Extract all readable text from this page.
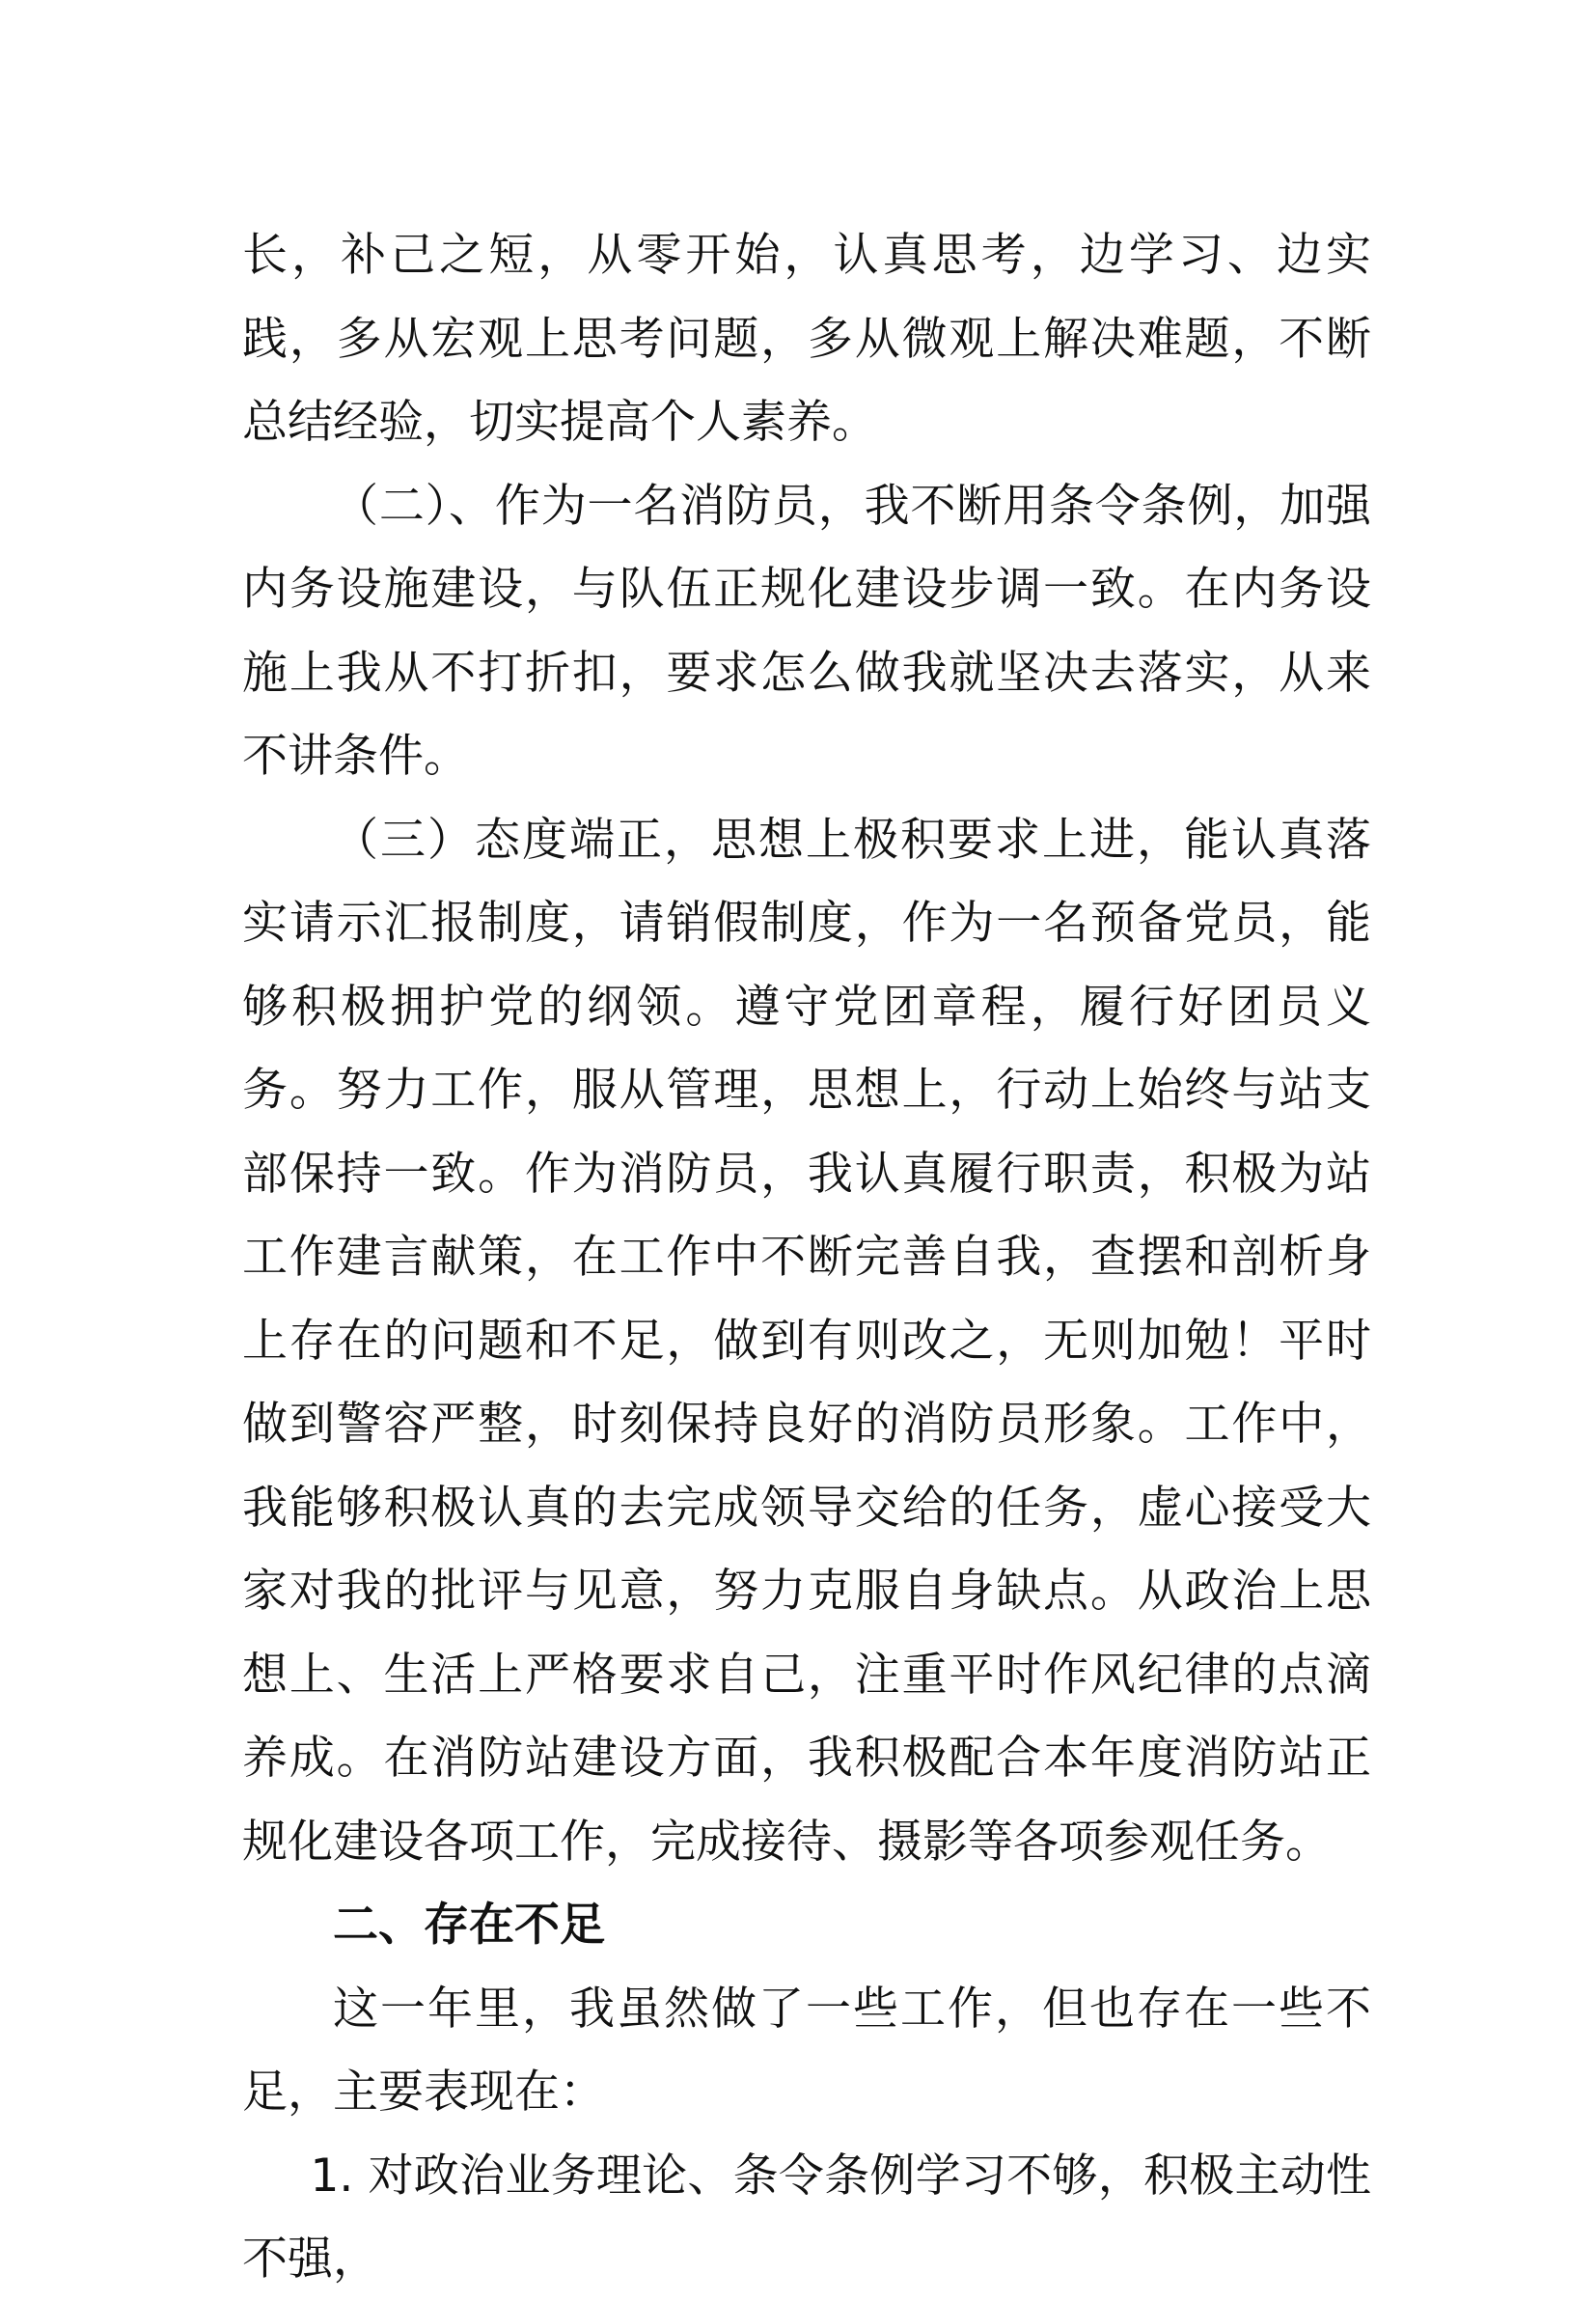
长，补己之短，从零开始，认真思考，边学习、边实践，多从宏观上思考问题，多从微观上解决难题，不断总结经验，切实提高个人素养。

（二）、作为一名消防员，我不断用条令条例，加强内务设施建设，与队伍正规化建设步调一致。在内务设施上我从不打折扣，要求怎么做我就坚决去落实，从来不讲条件。

（三）态度端正，思想上极积要求上进，能认真落实请示汇报制度，请销假制度，作为一名预备党员，能够积极拥护党的纲领。遵守党团章程，履行好团员义务。努力工作，服从管理，思想上，行动上始终与站支部保持一致。作为消防员，我认真履行职责，积极为站工作建言献策，在工作中不断完善自我，查摆和剖析身上存在的问题和不足，做到有则改之，无则加勉！平时做到警容严整，时刻保持良好的消防员形象。工作中，我能够积极认真的去完成领导交给的任务，虚心接受大家对我的批评与见意，努力克服自身缺点。从政治上思想上、生活上严格要求自己，注重平时作风纪律的点滴养成。在消防站建设方面，我积极配合本年度消防站正规化建设各项工作，完成接待、摄影等各项参观任务。

二、存在不足

这一年里，我虽然做了一些工作，但也存在一些不足，主要表现在：

1. 对政治业务理论、条令条例学习不够，积极主动性不强，
